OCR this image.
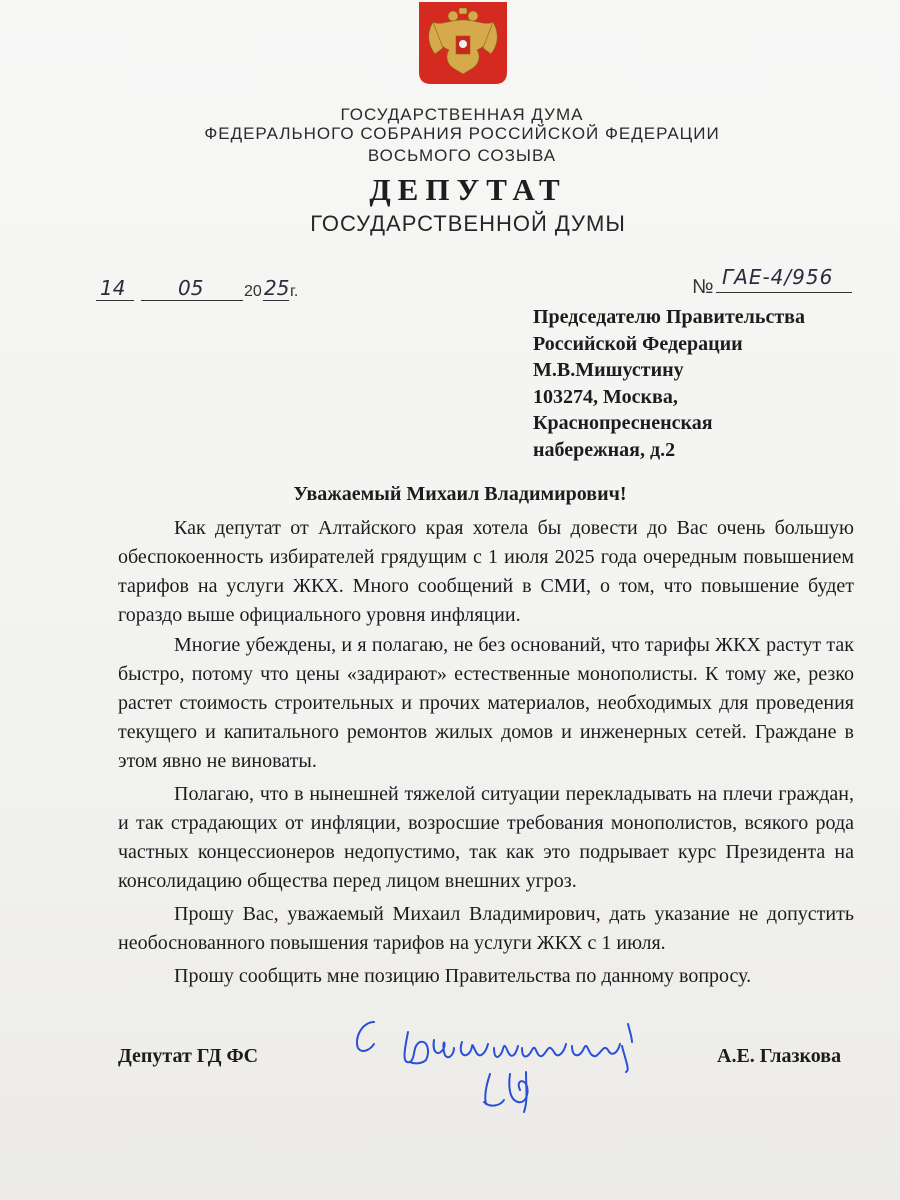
ГОСУДАРСТВЕННАЯ ДУМА
ФЕДЕРАЛЬНОГО СОБРАНИЯ РОССИЙСКОЙ ФЕДЕРАЦИИ
ВОСЬМОГО СОЗЫВА
ДЕПУТАТ
ГОСУДАРСТВЕННОЙ ДУМЫ
14	05	20 25 г.	№ ГАЕ-4/956
Председателю Правительства
Российской Федерации
М.В.Мишустину
103274, Москва,
Краснопресненская
набережная, д.2
Уважаемый Михаил Владимирович!

Как депутат от Алтайского края хотела бы довести до Вас очень большую обеспокоенность избирателей грядущим с 1 июля 2025 года очередным повышением тарифов на услуги ЖКХ. Много сообщений в СМИ, о том, что повышение будет гораздо выше официального уровня инфляции.

Многие убеждены, и я полагаю, не без оснований, что тарифы ЖКХ растут так быстро, потому что цены «задирают» естественные монополисты. К тому же, резко растет стоимость строительных и прочих материалов, необходимых для проведения текущего и капитального ремонтов жилых домов и инженерных сетей. Граждане в этом явно не виноваты.

Полагаю, что в нынешней тяжелой ситуации перекладывать на плечи граждан, и так страдающих от инфляции, возросшие требования монополистов, всякого рода частных концессионеров недопустимо, так как это подрывает курс Президента на консолидацию общества перед лицом внешних угроз.

Прошу Вас, уважаемый Михаил Владимирович, дать указание не допустить необоснованного повышения тарифов на услуги ЖКХ с 1 июля.

Прошу сообщить мне позицию Правительства по данному вопросу.

Депутат ГД ФС	А.Е. Глазкова
